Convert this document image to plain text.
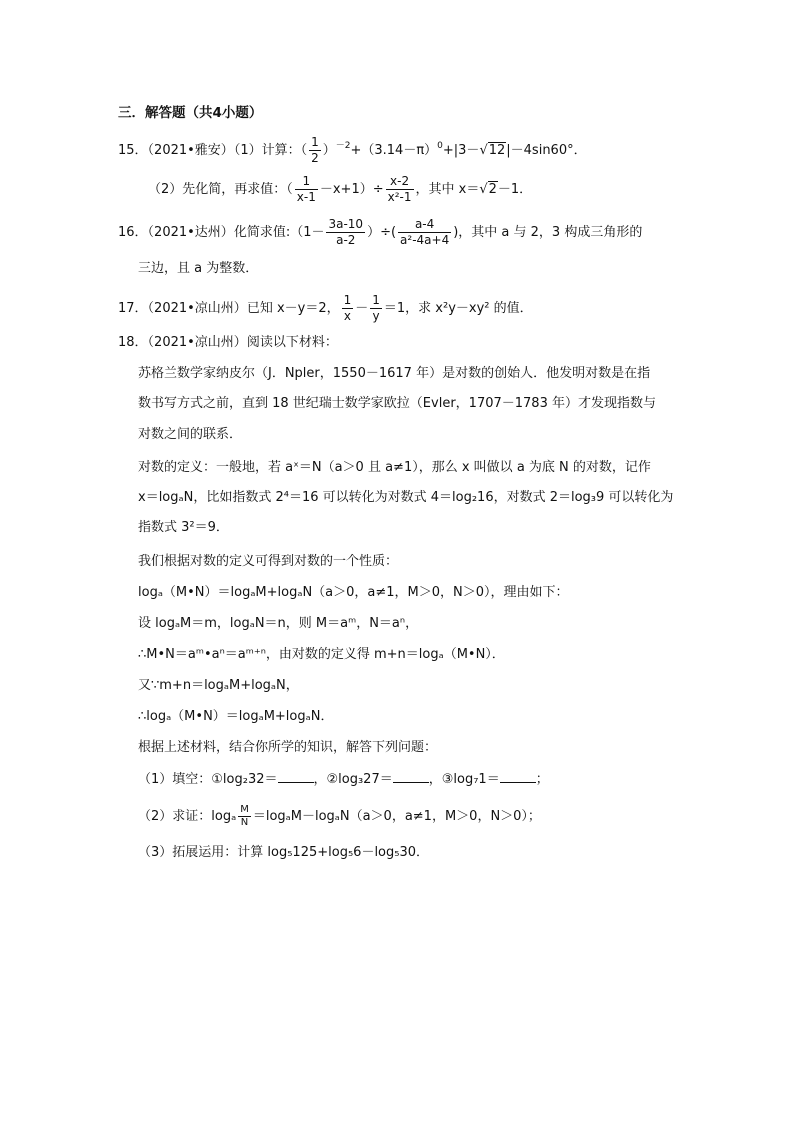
三．解答题（共4小题）
15．（2021•雅安）（1）计算：（ $\frac{1}{2} )^{-2}+(3.14-\pi)^0+|3-√12|-4\sin 60^\circ$．
（2）先化简，再求值：（ $\frac{1}{x-1} -x+1)\div \frac{x-2}{\text{x²-1}}$ ，其中 x＝√2－1．
16．（2021•达州）化简求值:（1－ $\frac{3a-10}{a-2}$ ）÷( $\frac{a-4}{\text{a²-4a+4}}$ )，其中 a 与 2，3 构成三角形的
三边，且 a 为整数．
17．（2021•凉山州）已知 x－y＝2， $\frac{1}{x} - \frac{1}{y} =1$，求 x²y－xy² 的值．
18．（2021•凉山州）阅读以下材料：
苏格兰数学家纳皮尔（J．Npler，1550－1617 年）是对数的创始人．他发明对数是在指
数书写方式之前，直到 18 世纪瑞士数学家欧拉（Evler，1707－1783 年）才发现指数与
对数之间的联系．
对数的定义：一般地，若 aˣ＝N（a＞0 且 a≠1），那么 x 叫做以 a 为底 N 的对数，记作
x＝logₐN，比如指数式 2⁴＝16 可以转化为对数式 4＝log₂16，对数式 2＝log₃9 可以转化为
指数式 3²＝9．
我们根据对数的定义可得到对数的一个性质：
logₐ（M•N）＝logₐM+logₐN（a＞0，a≠1，M＞0，N＞0），理由如下：
设 logₐM＝m，logₐN＝n，则 M＝aᵐ，N＝aⁿ，
∴M•N＝aᵐ•aⁿ＝aᵐ⁺ⁿ，由对数的定义得 m+n＝logₐ（M•N）．
又∵m+n＝logₐM+logₐN，
∴logₐ（M•N）＝logₐM+logₐN．
根据上述材料，结合你所学的知识，解答下列问题：
（1）填空：①log₂32＝	，②log₃27＝	，③log₇1＝	；
（2）求证：logₐ $\frac{M}{N} =\log_aM-\log_aN(a>0$，a≠1，M＞0，N＞0）；
（3）拓展运用：计算 log₅125+log₅6－log₅30．
